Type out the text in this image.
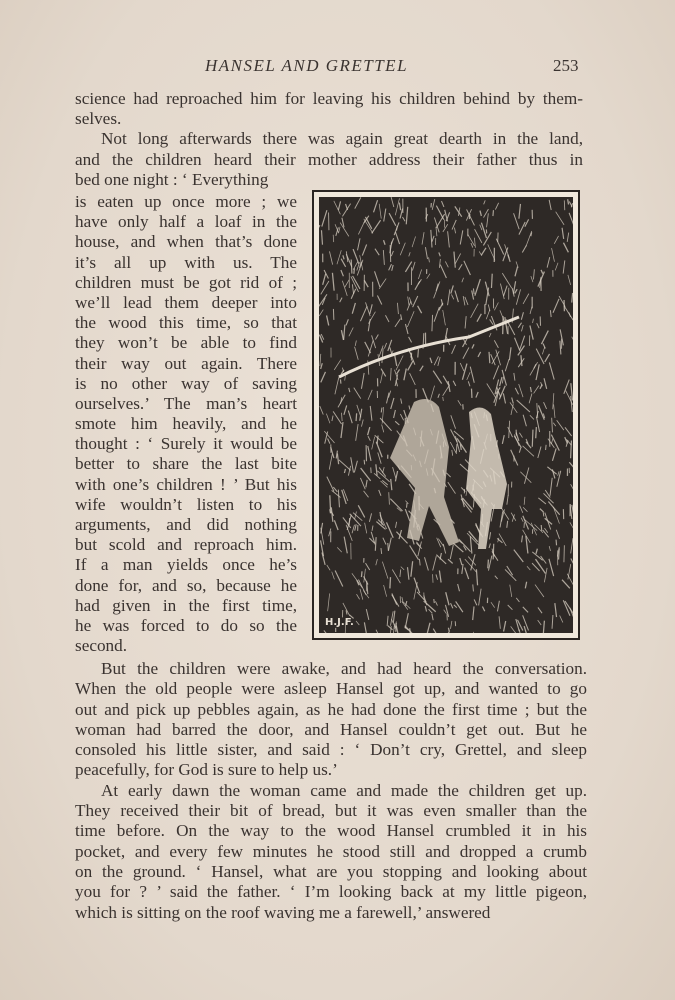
HANSEL AND GRETTEL	253
science had reproached him for leaving his children behind by them-
selves.
Not long afterwards there was again great dearth in the land,
and the children heard their mother address their father thus in
bed one night : ‘ Everything
is eaten up once more ; we
have only half a loaf in the
house, and when that’s done
it’s all up with us. The
children must be got rid of ;
we’ll lead them deeper into
the wood this time, so that
they won’t be able to find
their way out again. There
is no other way of saving
ourselves.’ The man’s heart
smote him heavily, and he
thought : ‘ Surely it would be
better to share the last bite
with one’s children ! ’ But his
wife wouldn’t listen to his
arguments, and did nothing
but scold and reproach him.
If a man yields once he’s
done for, and so, because he
had given in the first time,
he was forced to do so the
second.
But the children were awake, and had heard the conversation.
When the old people were asleep Hansel got up, and wanted to go
out and pick up pebbles again, as he had done the first time ; but the
woman had barred the door, and Hansel couldn’t get out. But he
consoled his little sister, and said : ‘ Don’t cry, Grettel, and sleep
peacefully, for God is sure to help us.’
At early dawn the woman came and made the children get up.
They received their bit of bread, but it was even smaller than the
time before. On the way to the wood Hansel crumbled it in his
pocket, and every few minutes he stood still and dropped a crumb
on the ground. ‘ Hansel, what are you stopping and looking about
you for ? ’ said the father. ‘ I’m looking back at my little pigeon,
which is sitting on the roof waving me a farewell,’ answered
H.J.F.
